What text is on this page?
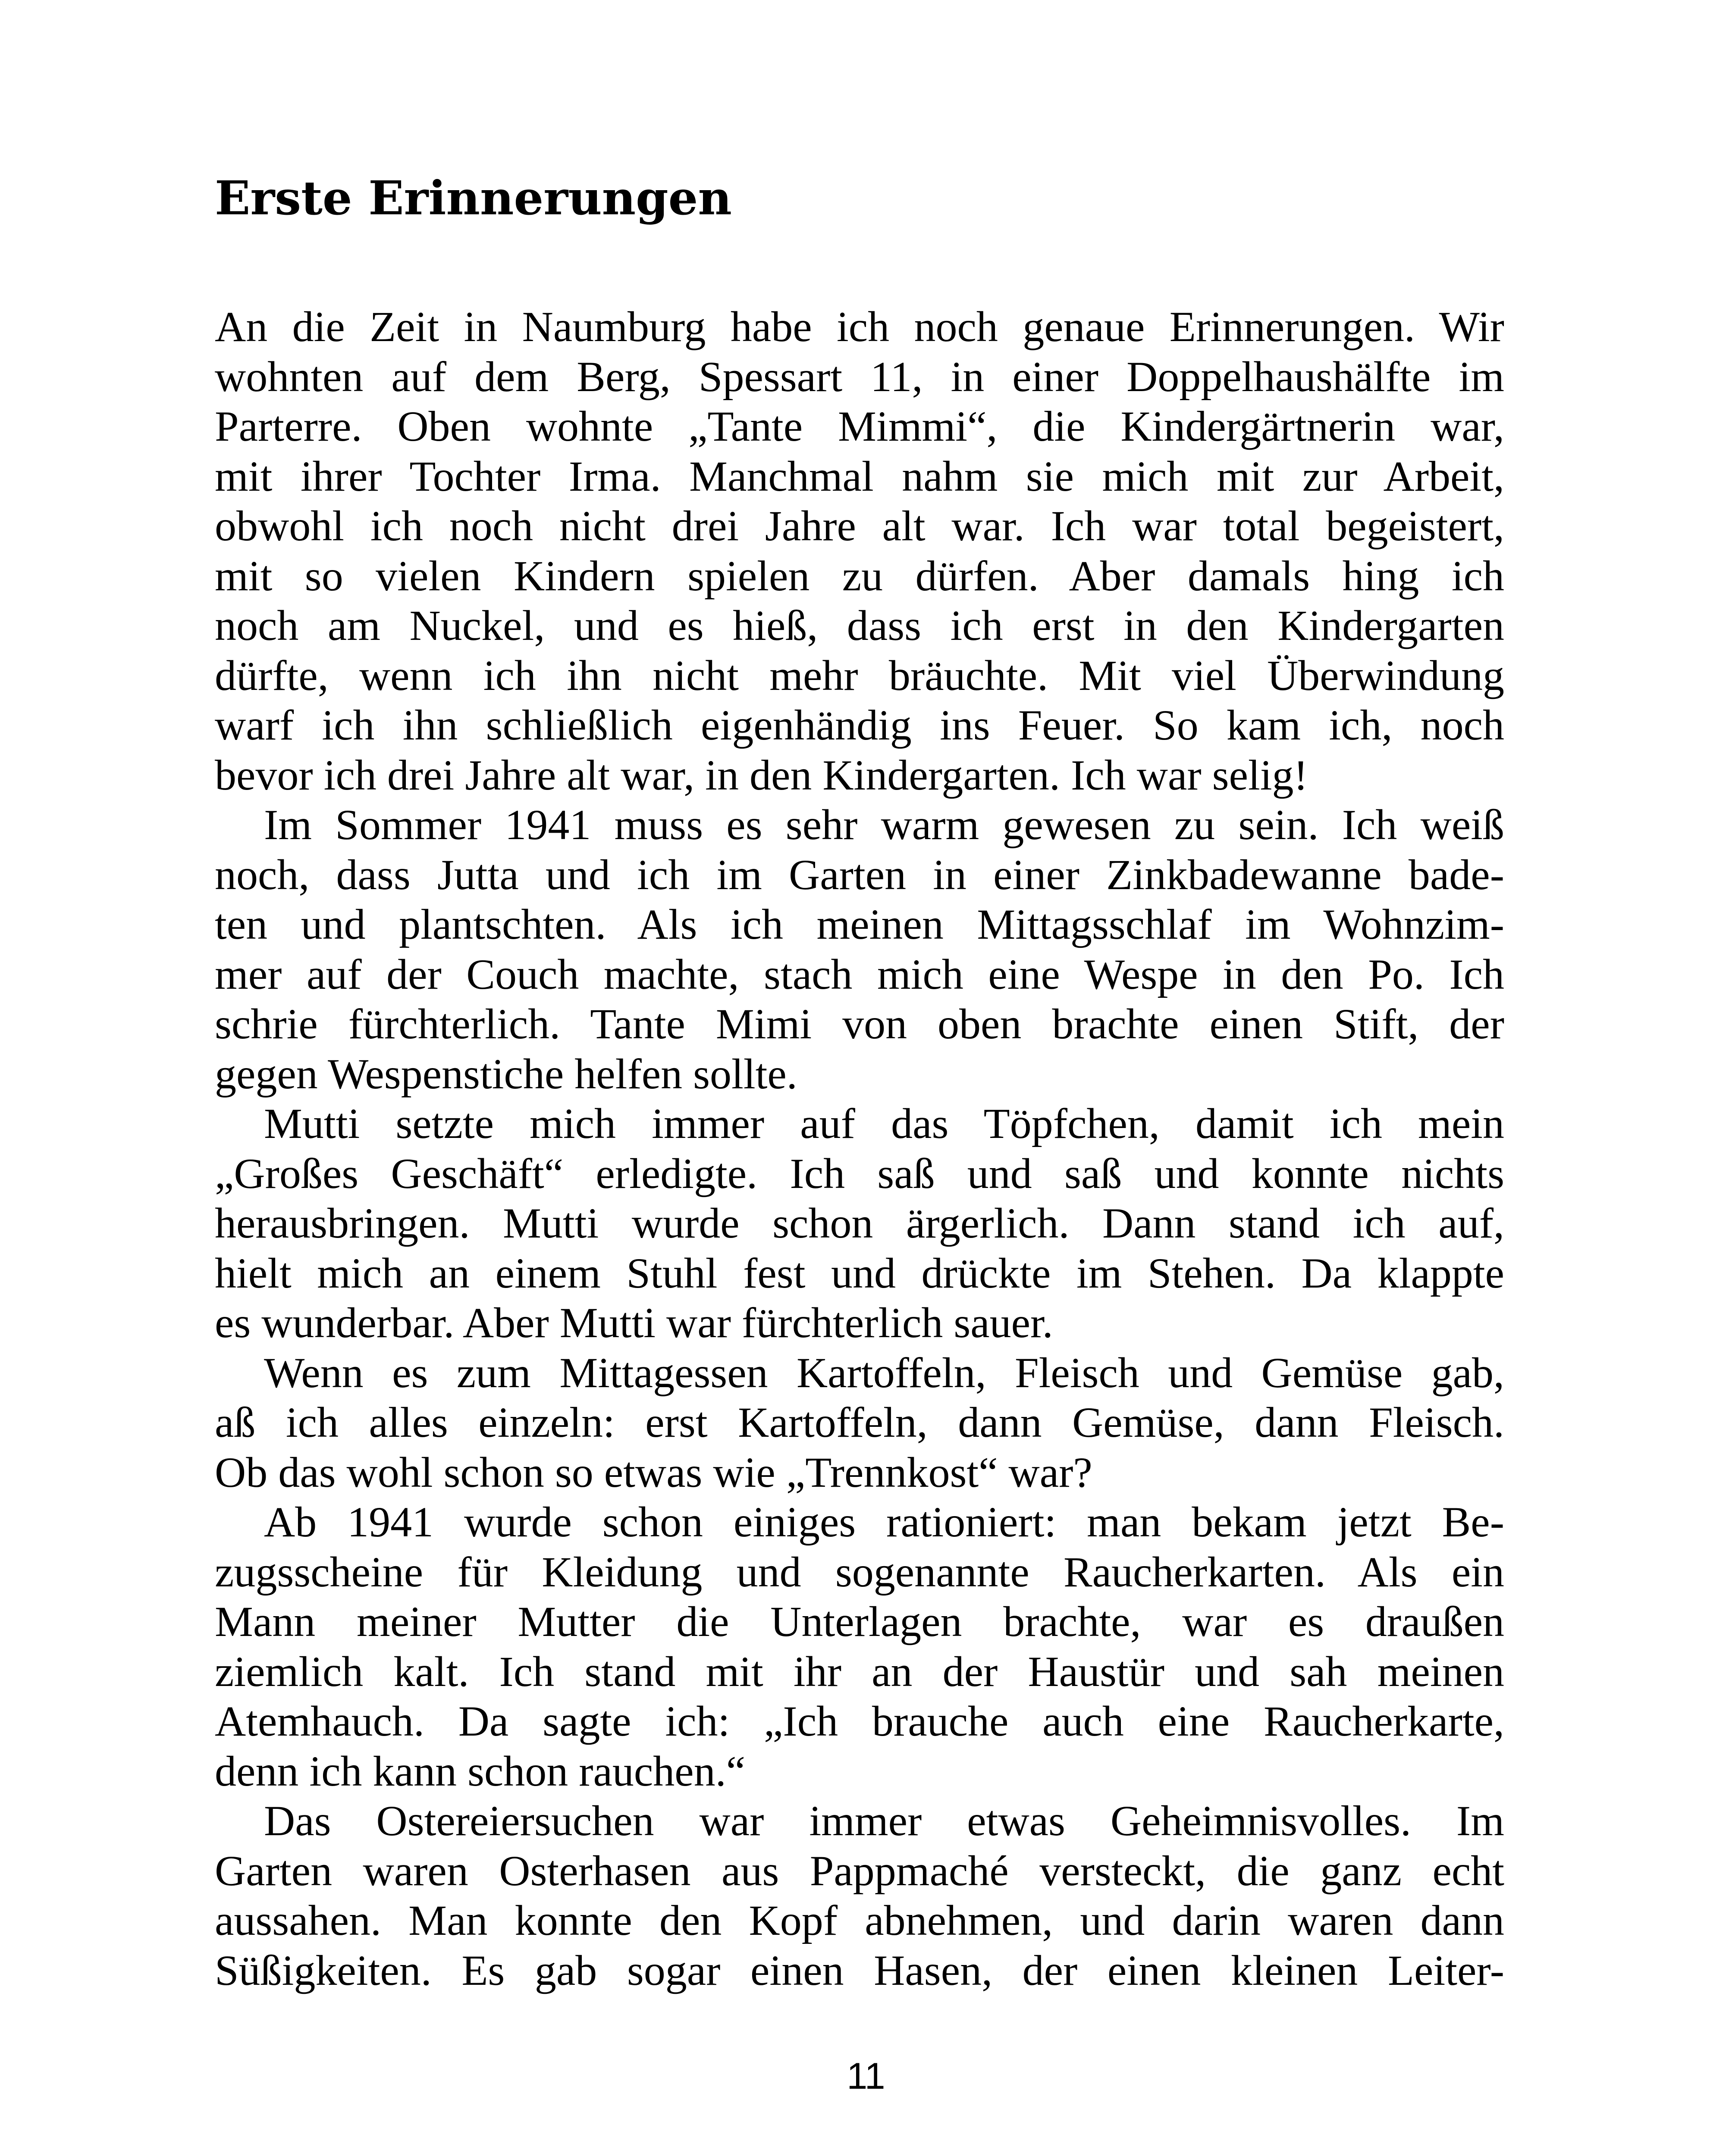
Erste Erinnerungen
An die Zeit in Naumburg habe ich noch genaue Erinnerungen. Wir
wohnten auf dem Berg, Spessart 11, in einer Doppelhaushälfte im
Parterre. Oben wohnte „Tante Mimmi“, die Kindergärtnerin war,
mit ihrer Tochter Irma. Manchmal nahm sie mich mit zur Arbeit,
obwohl ich noch nicht drei Jahre alt war. Ich war total begeistert,
mit so vielen Kindern spielen zu dürfen. Aber damals hing ich
noch am Nuckel, und es hieß, dass ich erst in den Kindergarten
dürfte, wenn ich ihn nicht mehr bräuchte. Mit viel Überwindung
warf ich ihn schließlich eigenhändig ins Feuer. So kam ich, noch
bevor ich drei Jahre alt war, in den Kindergarten. Ich war selig!
Im Sommer 1941 muss es sehr warm gewesen zu sein. Ich weiß
noch, dass Jutta und ich im Garten in einer Zinkbadewanne bade-
ten und plantschten. Als ich meinen Mittagsschlaf im Wohnzim-
mer auf der Couch machte, stach mich eine Wespe in den Po. Ich
schrie fürchterlich. Tante Mimi von oben brachte einen Stift, der
gegen Wespenstiche helfen sollte.
Mutti setzte mich immer auf das Töpfchen, damit ich mein
„Großes Geschäft“ erledigte. Ich saß und saß und konnte nichts
herausbringen. Mutti wurde schon ärgerlich. Dann stand ich auf,
hielt mich an einem Stuhl fest und drückte im Stehen. Da klappte
es wunderbar. Aber Mutti war fürchterlich sauer.
Wenn es zum Mittagessen Kartoffeln, Fleisch und Gemüse gab,
aß ich alles einzeln: erst Kartoffeln, dann Gemüse, dann Fleisch.
Ob das wohl schon so etwas wie „Trennkost“ war?
Ab 1941 wurde schon einiges rationiert: man bekam jetzt Be-
zugsscheine für Kleidung und sogenannte Raucherkarten. Als ein
Mann meiner Mutter die Unterlagen brachte, war es draußen
ziemlich kalt. Ich stand mit ihr an der Haustür und sah meinen
Atemhauch. Da sagte ich: „Ich brauche auch eine Raucherkarte,
denn ich kann schon rauchen.“
Das Ostereiersuchen war immer etwas Geheimnisvolles. Im
Garten waren Osterhasen aus Pappmaché versteckt, die ganz echt
aussahen. Man konnte den Kopf abnehmen, und darin waren dann
Süßigkeiten. Es gab sogar einen Hasen, der einen kleinen Leiter-
11
